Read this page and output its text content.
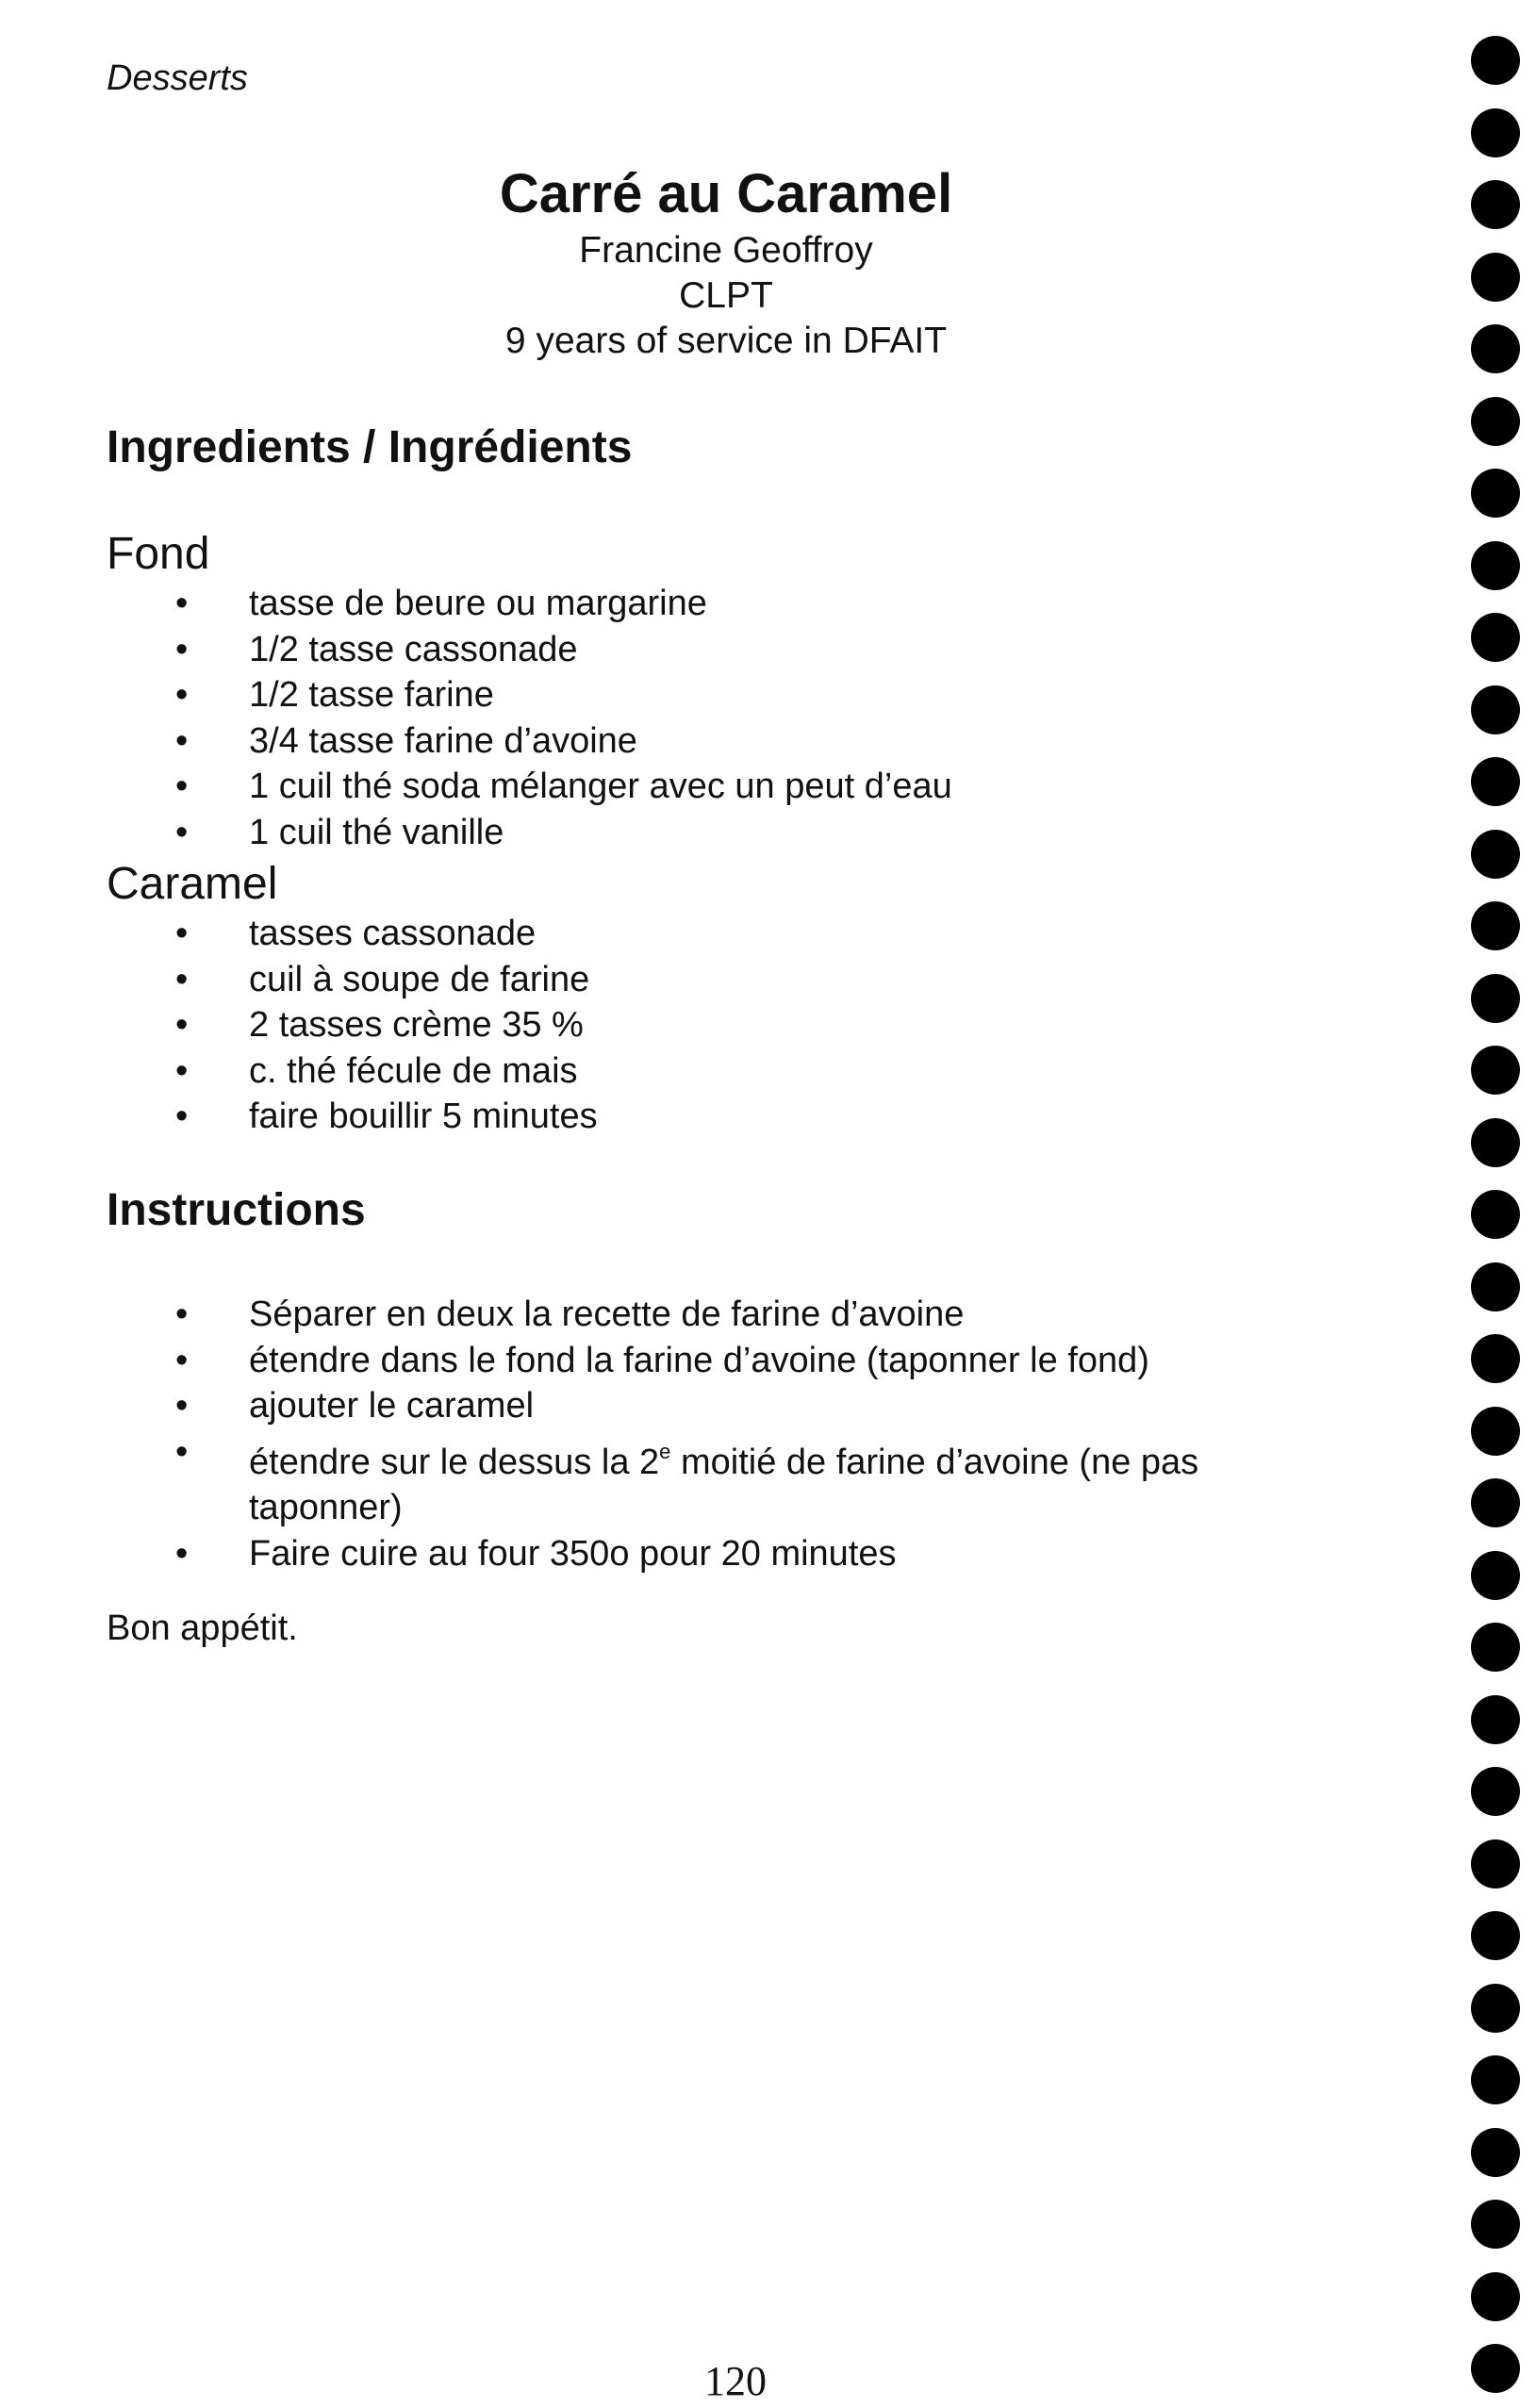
Desserts
Carré au Caramel
Francine Geoffroy
CLPT
9 years of service in DFAIT
Ingredients / Ingrédients
Fond
• tasse de beure ou margarine
• 1/2 tasse cassonade
• 1/2 tasse farine
• 3/4 tasse farine d’avoine
• 1 cuil thé soda mélanger avec un peut d’eau
• 1 cuil thé vanille
Caramel
• tasses cassonade
• cuil à soupe de farine
• 2 tasses crème 35 %
• c. thé fécule de mais
• faire bouillir 5 minutes
Instructions
• Séparer en deux la recette de farine d’avoine
• étendre dans le fond la farine d’avoine (taponner le fond)
• ajouter le caramel
• étendre sur le dessus la 2e moitié de farine d’avoine (ne pas taponner)
• Faire cuire au four 350o pour 20 minutes
Bon appétit.
120
